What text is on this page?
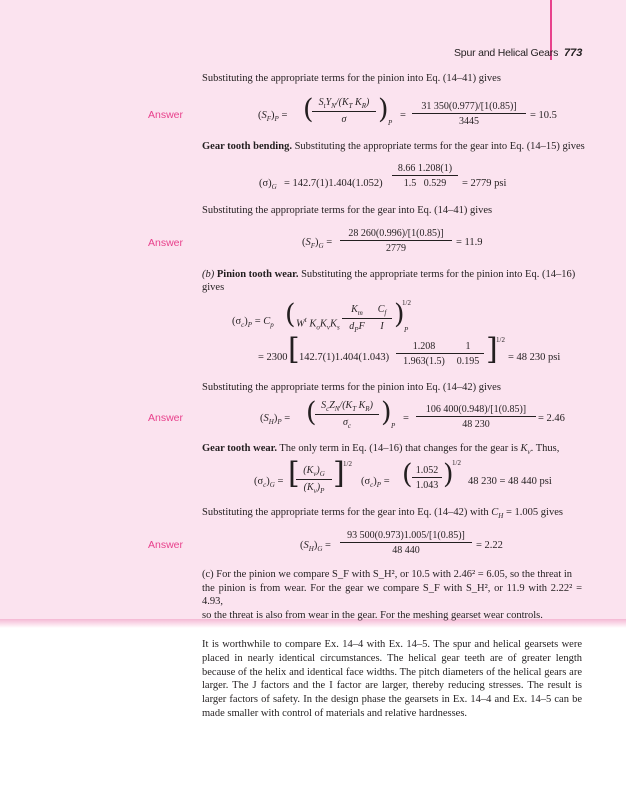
Spur and Helical Gears 773
Substituting the appropriate terms for the pinion into Eq. (14–41) gives
Answer	$(S_F)_P$ = ( $S_tY_N/(K_T$ $K_R$)
σ	) P
= $\frac{31 350(0.977)/[1(0.85)]}{3445} = 10.5$
Gear tooth bending. Substituting the appropriate terms for the gear into Eq. (14–15) gives
$(\sigma)_G = 142.7(1)1.404(1.052) \frac{8.66 1.208(1)}{1.5 0.529} = 2779$ psi
Substituting the appropriate terms for the gear into Eq. (14–41) gives
Answer	$(S_F)_G = \frac{28 260(0.996)/[1(0.85)]}{2779} = 11.9$
(b) Pinion tooth wear. Substituting the appropriate terms for the pinion into Eq. (14–16)
gives
$(\sigma_c)_P = C_p$ ( $W^t$ $K_oK_vK_s$
$K_m$
$d_PF \frac{C_f}{I}$ )
1/2
P
= 2300 [ $142.7(1)1.404(1.043) \frac{1.208}{1.963(1.5)} \frac{1}{0.195}$ ]
1/2
= 48 230 psi
Substituting the appropriate terms for the pinion into Eq. (14–42) gives
Answer	$(S_H)_P$ = ( $S_cZ_N/(K_T$ $K_R$)
$\sigma_c$	) P
= $\frac{106 400(0.948)/[1(0.85)]}{48 230} = 2.46$
Gear tooth wear. The only term in Eq. (14–16) that changes for the gear is $K_v$. Thus,
$(\sigma_c)_G$ = [
$\frac{(K_v)_G}{(K_v)_P}$ ]
1/2
$(\sigma_c)_P$ = ( $\frac{1.052}{1.043}$ )
1/2
48 230 = 48 440 psi
Substituting the appropriate terms for the gear into Eq. (14–42) with $C_H = 1.005$ gives
Answer	$(S_H)_G = \frac{93 500(0.973)1.005/[1(0.85)]}{48 440} = 2.22$
(c) For the pinion we compare S_F with S_H², or 10.5 with 2.46² = 6.05, so the threat in
the pinion is from wear. For the gear we compare S_F with S_H², or 11.9 with 2.22² = 4.93,
so the threat is also from wear in the gear. For the meshing gearset wear controls.
It is worthwhile to compare Ex. 14–4 with Ex. 14–5. The spur and helical gearsets were placed in nearly identical circumstances. The helical gear teeth are of greater length because of the helix and identical face widths. The pitch diameters of the helical gears are larger. The J factors and the I factor are larger, thereby reducing stresses. The result is larger factors of safety. In the design phase the gearsets in Ex. 14–4 and Ex. 14–5 can be made smaller with control of materials and relative hardnesses.
